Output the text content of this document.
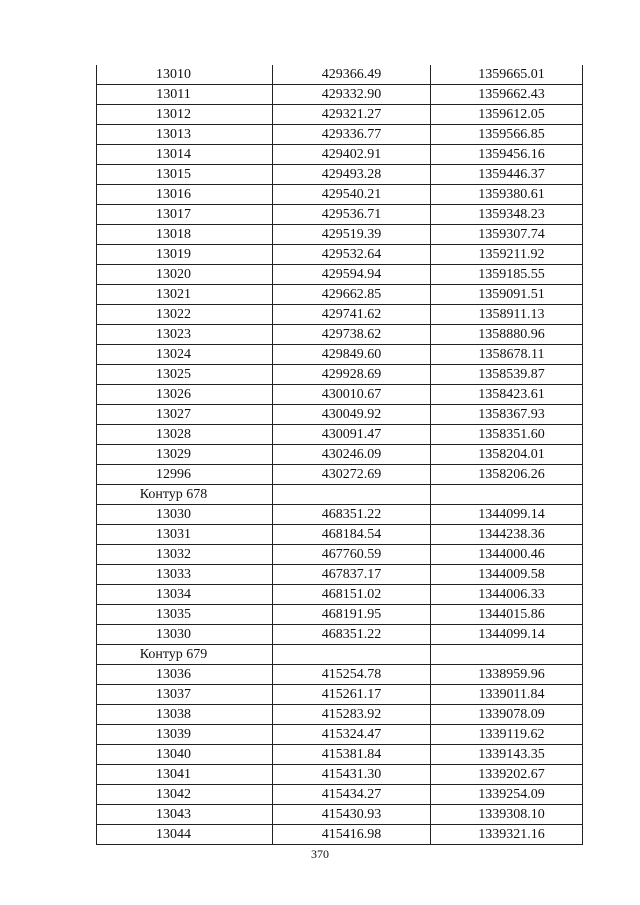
13010	429366.49	1359665.01
13011	429332.90	1359662.43
13012	429321.27	1359612.05
13013	429336.77	1359566.85
13014	429402.91	1359456.16
13015	429493.28	1359446.37
13016	429540.21	1359380.61
13017	429536.71	1359348.23
13018	429519.39	1359307.74
13019	429532.64	1359211.92
13020	429594.94	1359185.55
13021	429662.85	1359091.51
13022	429741.62	1358911.13
13023	429738.62	1358880.96
13024	429849.60	1358678.11
13025	429928.69	1358539.87
13026	430010.67	1358423.61
13027	430049.92	1358367.93
13028	430091.47	1358351.60
13029	430246.09	1358204.01
12996	430272.69	1358206.26
Контур 678		
13030	468351.22	1344099.14
13031	468184.54	1344238.36
13032	467760.59	1344000.46
13033	467837.17	1344009.58
13034	468151.02	1344006.33
13035	468191.95	1344015.86
13030	468351.22	1344099.14
Контур 679		
13036	415254.78	1338959.96
13037	415261.17	1339011.84
13038	415283.92	1339078.09
13039	415324.47	1339119.62
13040	415381.84	1339143.35
13041	415431.30	1339202.67
13042	415434.27	1339254.09
13043	415430.93	1339308.10
13044	415416.98	1339321.16
370
